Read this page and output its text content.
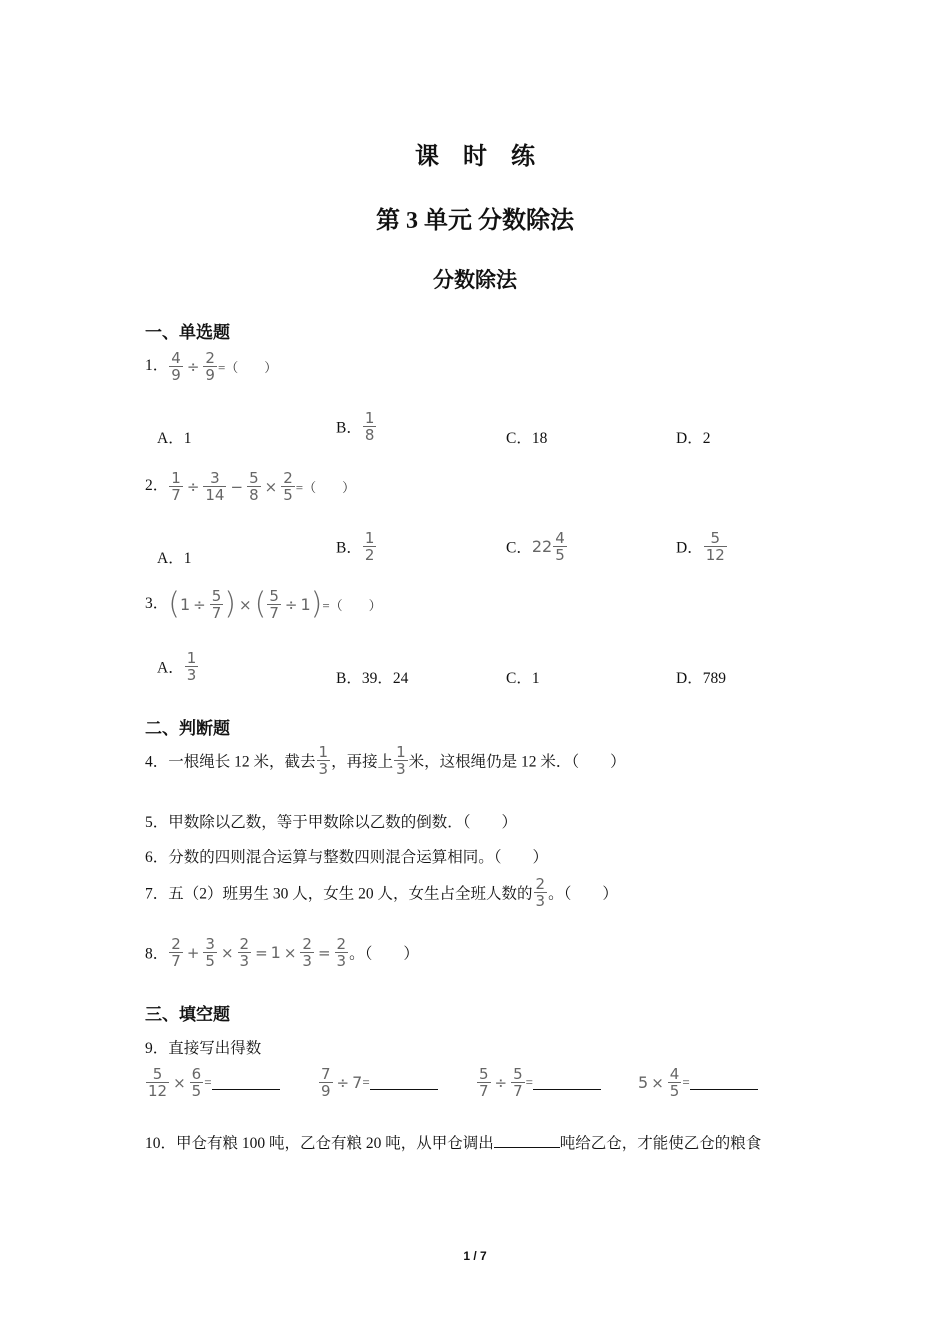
课　时　练
第 3 单元 分数除法
分数除法
一、单选题
1． $\frac{4}{9} \div \frac{2}{9}$ =（　　）
A．1
B． $\frac{1}{8}$	C．18	D．2
2． $\frac{1}{7} \div \frac{3}{14} - \frac{5}{8} \times \frac{2}{5}$ =（　　）
A．1
B． $\frac{1}{2}$	C．$22 \frac{4}{5}$	D． $\frac{5}{12}$
3．($1 \div \frac{5}{7}$ ) × ( $\frac{5}{7} \div 1)=$（　　）
A． $\frac{1}{3}$	B．39．24	C．1	D．789
二、判断题
4．一根绳长 12 米，截去 $\frac{1}{3}$ ，再接上 $\frac{1}{3}$ 米，这根绳仍是 12 米．（　　）
5．甲数除以乙数，等于甲数除以乙数的倒数．（　　）
6．分数的四则混合运算与整数四则混合运算相同。（　　）
7．五（2）班男生 30 人，女生 20 人，女生占全班人数的 $\frac{2}{3}$ 。（　　）
8． $\frac{2}{7} + \frac{3}{5} \times \frac{2}{3} = 1 \times \frac{2}{3} = \frac{2}{3}$ 。（　　）
三、填空题
9．直接写出得数
$\frac{5}{12} \times \frac{6}{5}$ =	$\frac{7}{9} \div 7=$	$\frac{5}{7} \div \frac{5}{7}$ =	$5 \times \frac{4}{5}$ =
10．甲仓有粮 100 吨，乙仓有粮 20 吨，从甲仓调出	吨给乙仓，才能使乙仓的粮食
1 / 7
